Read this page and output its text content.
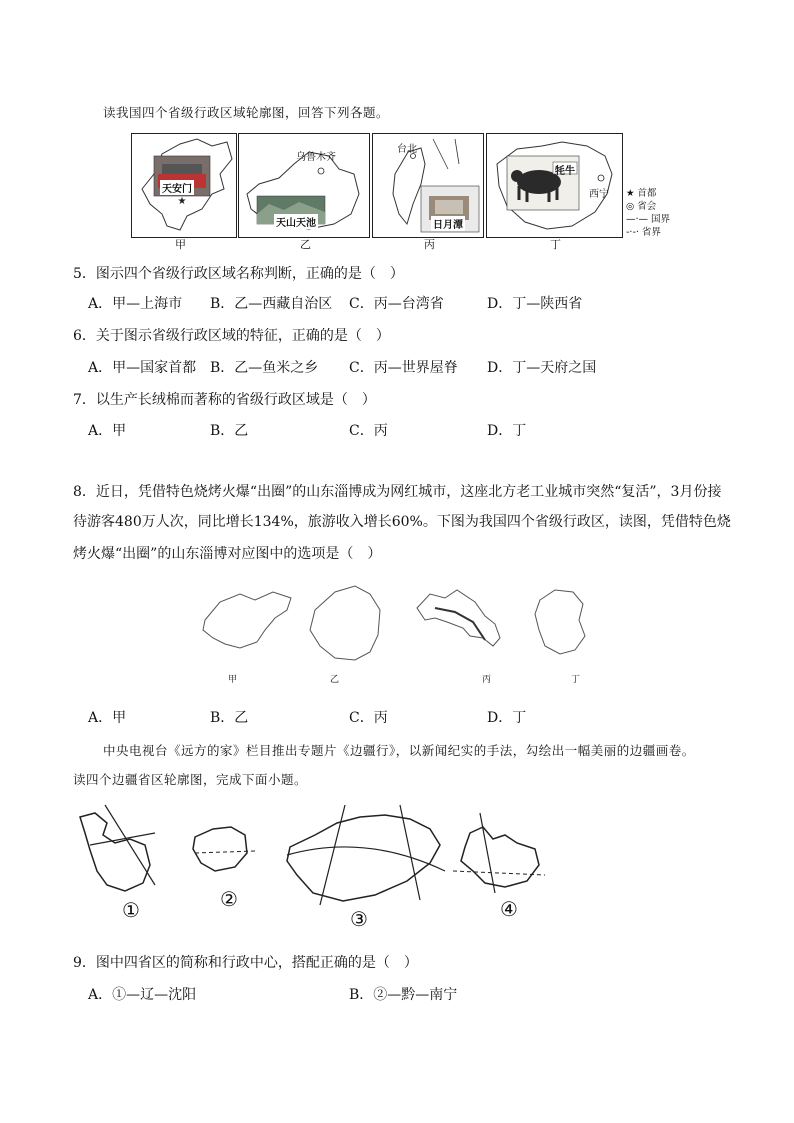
读我国四个省级行政区域轮廓图，回答下列各题。
★
天安门
甲
乌鲁木齐
天山天池
乙
台北
日月潭
丙
牦牛
西宁
丁
★ 首都
◎ 省会
—·— 国界
-·-· 省界
5．图示四个省级行政区域名称判断，正确的是（　）
A．甲—上海市 B．乙—西藏自治区 C．丙—台湾省	D．丁—陕西省
6．关于图示省级行政区域的特征，正确的是（　）
A．甲—国家首都 B．乙—鱼米之乡 C．丙—世界屋脊 D．丁—天府之国
7．以生产长绒棉而著称的省级行政区域是（　）
A．甲	B．乙	C．丙	D．丁
8．近日，凭借特色烧烤火爆“出圈”的山东淄博成为网红城市，这座北方老工业城市突然“复活”，3月份接
待游客480万人次，同比增长134%，旅游收入增长60%。下图为我国四个省级行政区，读图，凭借特色烧
烤火爆“出圈”的山东淄博对应图中的选项是（　）
甲	乙	丙	丁
A．甲	B．乙	C．丙	D．丁
中央电视台《远方的家》栏目推出专题片《边疆行》，以新闻纪实的手法，勾绘出一幅美丽的边疆画卷。
读四个边疆省区轮廓图，完成下面小题。
①	②
③	④
9．图中四省区的简称和行政中心，搭配正确的是（　）
A．①—辽—沈阳	B．②—黔—南宁
